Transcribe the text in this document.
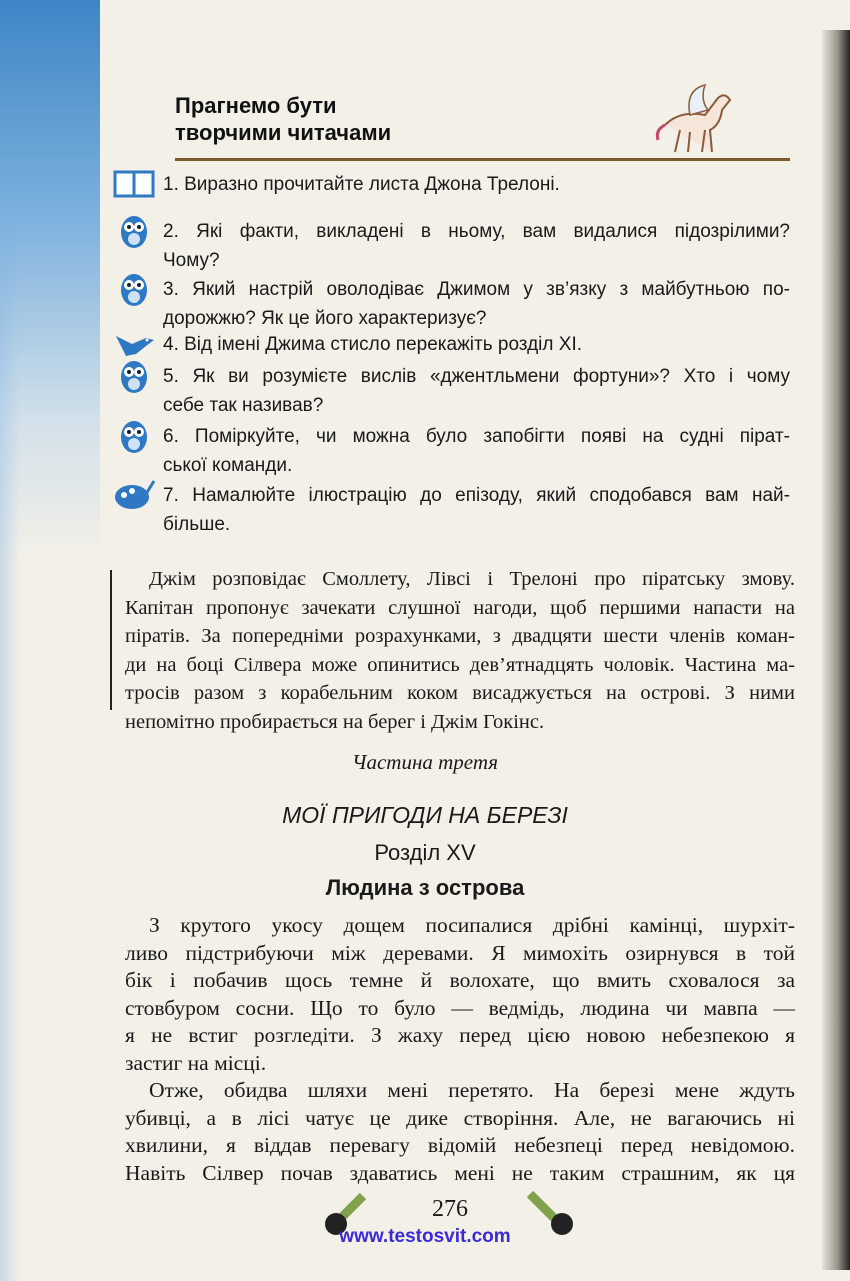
Прагнемо бути
творчими читачами
1. Виразно прочитайте листа Джона Трелоні.
2. Які факти, викладені в ньому, вам видалися підозрілими?
Чому?
3. Який настрій оволодіває Джимом у зв’язку з майбутньою по-
дорожжю? Як це його характеризує?
4. Від імені Джима стисло перекажіть розділ XI.
5. Як ви розумієте вислів «джентльмени фортуни»? Хто і чому
себе так називав?
6. Поміркуйте, чи можна було запобігти появі на судні пірат-
ської команди.
7. Намалюйте ілюстрацію до епізоду, який сподобався вам най-
більше.
Джім розповідає Смоллету, Лівсі і Трелоні про піратську змову.
Капітан пропонує зачекати слушної нагоди, щоб першими напасти на
піратів. За попередніми розрахунками, з двадцяти шести членів коман-
ди на боці Сілвера може опинитись дев’ятнадцять чоловік. Частина ма-
тросів разом з корабельним коком висаджується на острові. З ними
непомітно пробирається на берег і Джім Гокінс.
Частина третя
МОЇ ПРИГОДИ НА БЕРЕЗІ
Розділ XV
Людина з острова
З крутого укосу дощем посипалися дрібні камінці, шурхіт-
ливо підстрибуючи між деревами. Я мимохіть озирнувся в той
бік і побачив щось темне й волохате, що вмить сховалося за
стовбуром сосни. Що то було — ведмідь, людина чи мавпа —
я не встиг розгледіти. З жаху перед цією новою небезпекою я
застиг на місці.
Отже, обидва шляхи мені перетято. На березі мене ждуть
убивці, а в лісі чатує це дике створіння. Але, не вагаючись ні
хвилини, я віддав перевагу відомій небезпеці перед невідомою.
Навіть Сілвер почав здаватись мені не таким страшним, як ця
276
www.testosvit.com
